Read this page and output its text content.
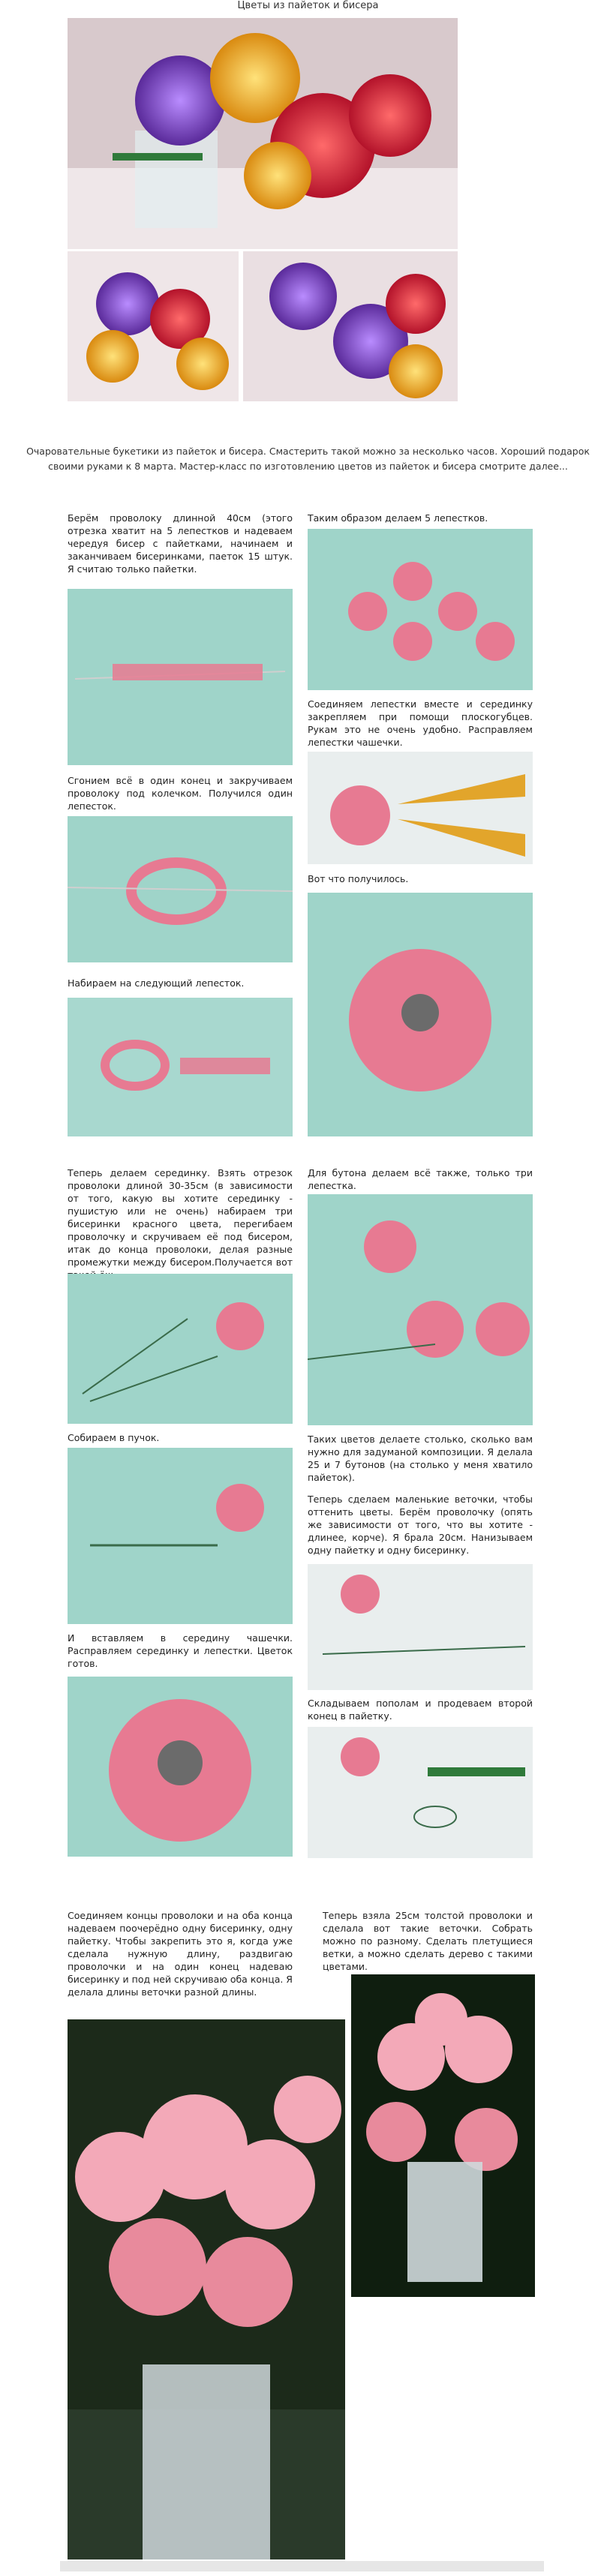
Цветы из пайеток и бисера
Очаровательные букетики из пайеток и бисера. Смастерить такой можно за несколько часов. Хороший подарок своими руками к 8 марта. Мастер-класс по изготовлению цветов из пайеток и бисера смотрите далее...
Берём проволоку длинной 40см (этого отрезка хватит на 5 лепестков и надеваем чередуя бисер с пайетками, начинаем и заканчиваем бисеринками, паеток 15 штук. Я считаю только пайетки.
Сгонием всё в один конец и закручиваем проволоку под колечком. Получился один лепесток.
Набираем на следующий лепесток.
Таким образом делаем 5 лепестков.
Соединяем лепестки вместе и серединку закрепляем при помощи плоскогубцев. Рукам это не очень удобно. Расправляем лепестки чашечки.
Вот что получилось.
Теперь делаем серединку. Взять отрезок проволоки длиной 30-35см (в зависимости от того, какую вы хотите серединку - пушистую или не очень) набираем три бисеринки красного цвета, перегибаем проволочку и скручиваем её под бисером, итак до конца проволоки, делая разные промежутки между бисером.Получается вот
Собираем в пучок.
И вставляем в середину чашечки. Расправляем серединку и лепестки. Цветок готов.
Для бутона делаем всё также, только три лепестка.
Таких цветов делаете столько, сколько вам нужно для задуманой композиции. Я делала 25 и 7 бутонов (на столько у меня хватило пайеток).
Теперь сделаем маленькие веточки, чтобы оттенить цветы. Берём проволочку (опять же зависимости от того, что вы хотите - длинее, корче). Я брала 20см. Нанизываем одну пайетку и одну бисеринку.
Складываем пополам и продеваем второй конец в пайетку.
Соединяем концы проволоки и на оба конца надеваем поочерёдно одну бисеринку, одну пайетку. Чтобы закрепить это я, когда уже сделала нужную длину, раздвигаю проволочки и на один конец надеваю бисеринку и под ней скручиваю оба конца. Я делала длины веточки разной длины.
Теперь взяла 25см толстой проволоки и сделала вот такие веточки. Собрать можно по разному. Сделать плетущиеся ветки, а можно сделать дерево с такими цветами.
